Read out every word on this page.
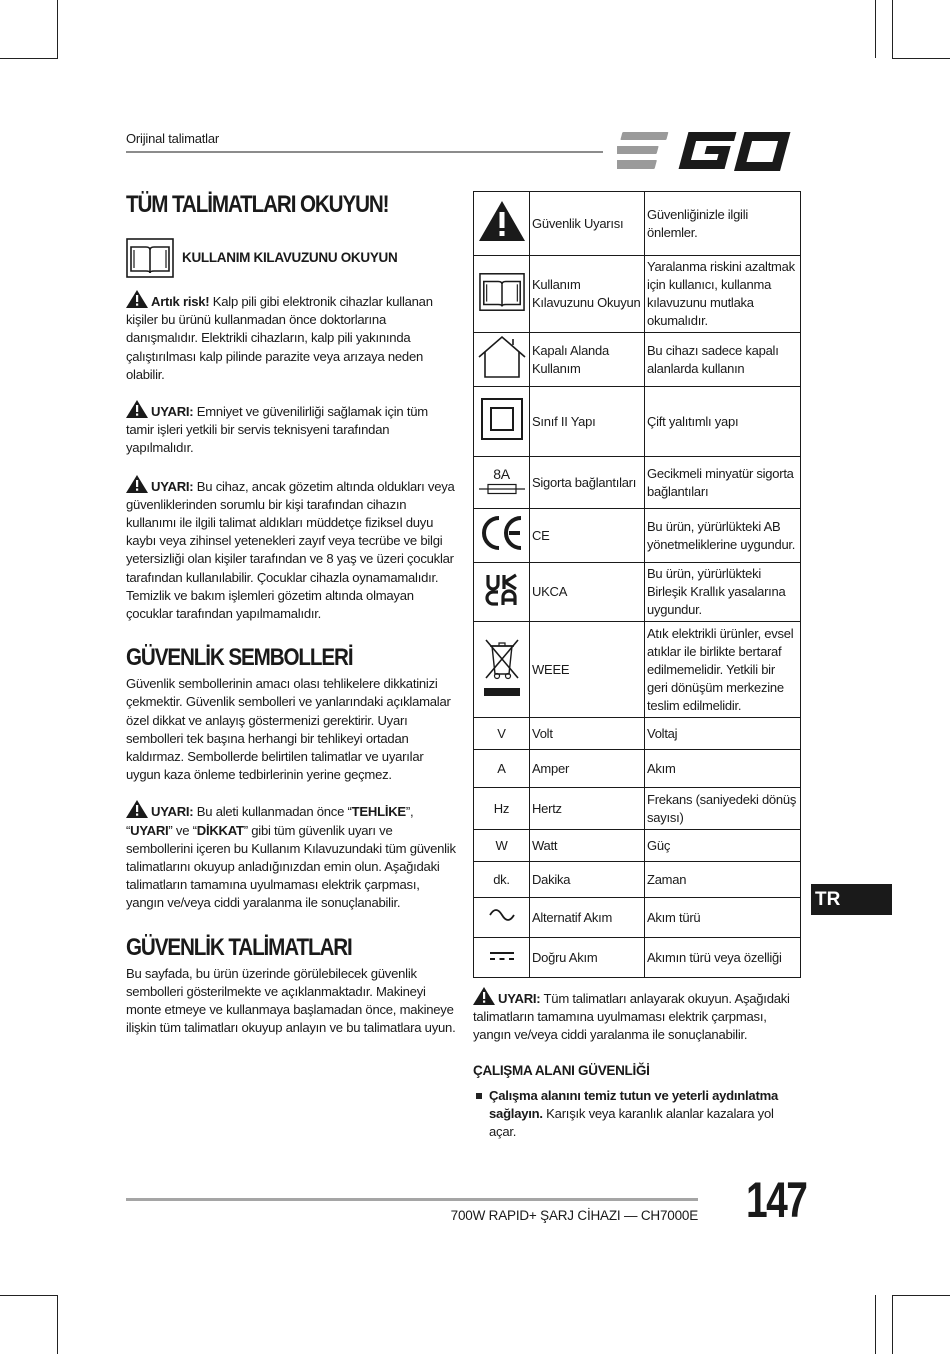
Orijinal talimatlar
TÜM TALİMATLARI OKUYUN!
KULLANIM KILAVUZUNU OKUYUN

Artık risk! Kalp pili gibi elektronik cihazlar kullanan kişiler bu ürünü kullanmadan önce doktorlarına danışmalıdır. Elektrikli cihazların, kalp pili yakınında çalıştırılması kalp pilinde parazite veya arızaya neden olabilir.

UYARI: Emniyet ve güvenilirliği sağlamak için tüm tamir işleri yetkili bir servis teknisyeni tarafından yapılmalıdır.

UYARI: Bu cihaz, ancak gözetim altında oldukları veya güvenliklerinden sorumlu bir kişi tarafından cihazın kullanımı ile ilgili talimat aldıkları müddetçe fiziksel duyu kaybı veya zihinsel yetenekleri zayıf veya tecrübe ve bilgi yetersizliği olan kişiler tarafından ve 8 yaş ve üzeri çocuklar tarafından kullanılabilir. Çocuklar cihazla oynamamalıdır. Temizlik ve bakım işlemleri gözetim altında olmayan çocuklar tarafından yapılmamalıdır.

GÜVENLİK SEMBOLLERİ

Güvenlik sembollerinin amacı olası tehlikelere dikkatinizi çekmektir. Güvenlik sembolleri ve yanlarındaki açıklamalar özel dikkat ve anlayış göstermenizi gerektirir. Uyarı sembolleri tek başına herhangi bir tehlikeyi ortadan kaldırmaz. Sembollerde belirtilen talimatlar ve uyarılar uygun kaza önleme tedbirlerinin yerine geçmez.

UYARI: Bu aleti kullanmadan önce “TEHLİKE”, “UYARI” ve “DİKKAT” gibi tüm güvenlik uyarı ve sembollerini içeren bu Kullanım Kılavuzundaki tüm güvenlik talimatlarını okuyup anladığınızdan emin olun. Aşağıdaki talimatların tamamına uyulmaması elektrik çarpması, yangın ve/veya ciddi yaralanma ile sonuçlanabilir.

GÜVENLİK TALİMATLARI

Bu sayfada, bu ürün üzerinde görülebilecek güvenlik sembolleri gösterilmekte ve açıklanmaktadır. Makineyi monte etmeye ve kullanmaya başlamadan önce, makineye ilişkin tüm talimatları okuyup anlayın ve bu talimatlara uyun.

	Güvenlik Uyarısı	Güvenliğinizle ilgili önlemler.
	Kullanım Kılavuzunu Okuyun	Yaralanma riskini azaltmak için kullanıcı, kullanma kılavuzunu mutlaka okumalıdır.
	Kapalı Alanda Kullanım	Bu cihazı sadece kapalı alanlarda kullanın
	Sınıf II Yapı	Çift yalıtımlı yapı

8A	Sigorta bağlantıları	Gecikmeli minyatür sigorta bağlantıları
	CE	Bu ürün, yürürlükteki AB yönetmeliklerine uygundur.
	UKCA	Bu ürün, yürürlükteki Birleşik Krallık yasalarına uygundur.
	WEEE	Atık elektrikli ürünler, evsel atıklar ile birlikte bertaraf edilmemelidir. Yetkili bir geri dönüşüm merkezine teslim edilmelidir.
V	Volt	Voltaj
A	Amper	Akım
Hz	Hertz	Frekans (saniyedeki dönüş sayısı)
W	Watt	Güç
dk.	Dakika	Zaman
	Alternatif Akım	Akım türü
	Doğru Akım	Akımın türü veya özelliği

UYARI: Tüm talimatları anlayarak okuyun. Aşağıdaki talimatların tamamına uyulmaması elektrik çarpması, yangın ve/veya ciddi yaralanma ile sonuçlanabilir.

ÇALIŞMA ALANI GÜVENLİĞİ
Çalışma alanını temiz tutun ve yeterli aydınlatma sağlayın. Karışık veya karanlık alanlar kazalara yol açar.
TR
700W RAPID+ ŞARJ CİHAZI — CH7000E 147
